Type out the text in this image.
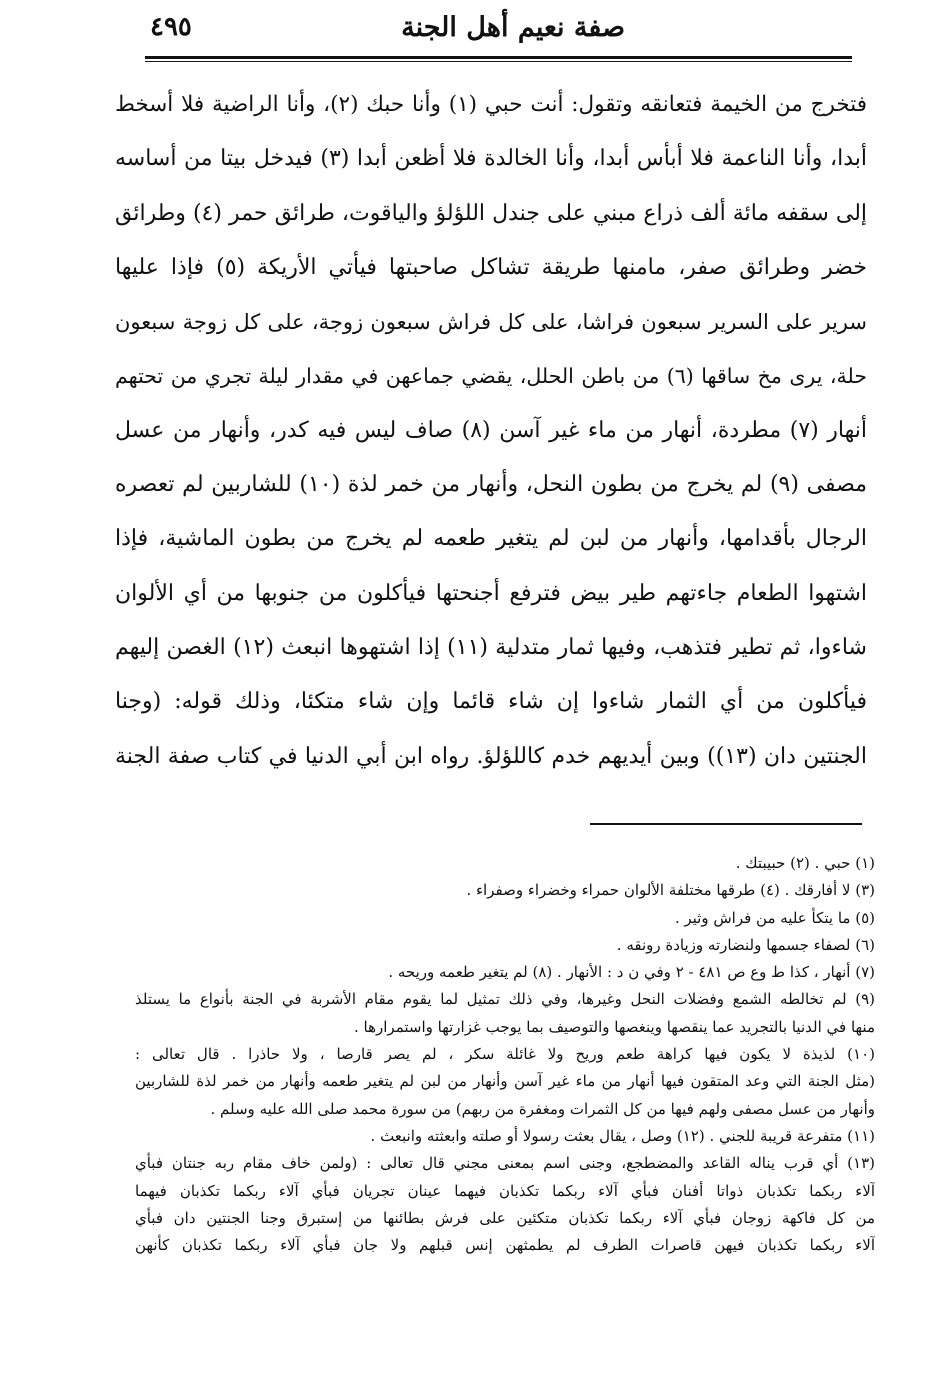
صفة نعيم أهل الجنة
٤٩٥
فتخرج من الخيمة فتعانقه وتقول: أنت حبي (١) وأنا حبك (٢)، وأنا الراضية فلا أسخط
أبدا، وأنا الناعمة فلا أبأس أبدا، وأنا الخالدة فلا أظعن أبدا (٣) فيدخل بيتا من أساسه
إلى سقفه مائة ألف ذراع مبني على جندل اللؤلؤ والياقوت، طرائق حمر (٤) وطرائق
خضر وطرائق صفر، مامنها طريقة تشاكل صاحبتها فيأتي الأريكة (٥) فإذا عليها
سرير على السرير سبعون فراشا، على كل فراش سبعون زوجة، على كل زوجة سبعون
حلة، يرى مخ ساقها (٦) من باطن الحلل، يقضي جماعهن في مقدار ليلة تجري من تحتهم
أنهار (٧) مطردة، أنهار من ماء غير آسن (٨) صاف ليس فيه كدر، وأنهار من عسل
مصفى (٩) لم يخرج من بطون النحل، وأنهار من خمر لذة (١٠) للشاربين لم تعصره
الرجال بأقدامها، وأنهار من لبن لم يتغير طعمه لم يخرج من بطون الماشية، فإذا
اشتهوا الطعام جاءتهم طير بيض فترفع أجنحتها فيأكلون من جنوبها من أي الألوان
شاءوا، ثم تطير فتذهب، وفيها ثمار متدلية (١١) إذا اشتهوها انبعث (١٢) الغصن إليهم
فيأكلون من أي الثمار شاءوا إن شاء قائما وإن شاء متكئا، وذلك قوله: (وجنا
الجنتين دان (١٣)) وبين أيديهم خدم كاللؤلؤ. رواه ابن أبي الدنيا في كتاب صفة الجنة
(١) حبي . (٢) حبيبتك .
(٣) لا أفارقك . (٤) طرقها مختلفة الألوان حمراء وخضراء وصفراء .
(٥) ما يتكأ عليه من فراش وثير .
(٦) لصفاء جسمها ولنضارته وزيادة رونقه .
(٧) أنهار ، كذا ط وع ص ٤٨١ - ٢ وفي ن د : الأنهار . (٨) لم يتغير طعمه وريحه .
(٩) لم تخالطه الشمع وفضلات النحل وغيرها، وفي ذلك تمثيل لما يقوم مقام الأشربة في الجنة بأنواع ما يستلذ
منها في الدنيا بالتجريد عما ينقصها وينغصها والتوصيف بما يوجب غزارتها واستمرارها .
(١٠) لذيذة لا يكون فيها كراهة طعم وريح ولا غائلة سكر ، لم يصر قارصا ، ولا حاذرا . قال تعالى :
(مثل الجنة التي وعد المتقون فيها أنهار من ماء غير آسن وأنهار من لبن لم يتغير طعمه وأنهار من خمر لذة للشاربين
وأنهار من عسل مصفى ولهم فيها من كل الثمرات ومغفرة من ربهم) من سورة محمد صلى الله عليه وسلم .
(١١) متفرعة قريبة للجني . (١٢) وصل ، يقال بعثت رسولا أو صلته وابعثته وانبعث .
(١٣) أي قرب يناله القاعد والمضطجع، وجنى اسم بمعنى مجني قال تعالى : (ولمن خاف مقام ربه جنتان فبأي
آلاء ربكما تكذبان ذواتا أفنان فبأي آلاء ربكما تكذبان فيهما عينان تجريان فبأي آلاء ربكما تكذبان فيهما
من كل فاكهة زوجان فبأي آلاء ربكما تكذبان متكئين على فرش بطائنها من إستبرق وجنا الجنتين دان فبأي
آلاء ربكما تكذبان فيهن قاصرات الطرف لم يطمثهن إنس قبلهم ولا جان فبأي آلاء ربكما تكذبان كأنهن
